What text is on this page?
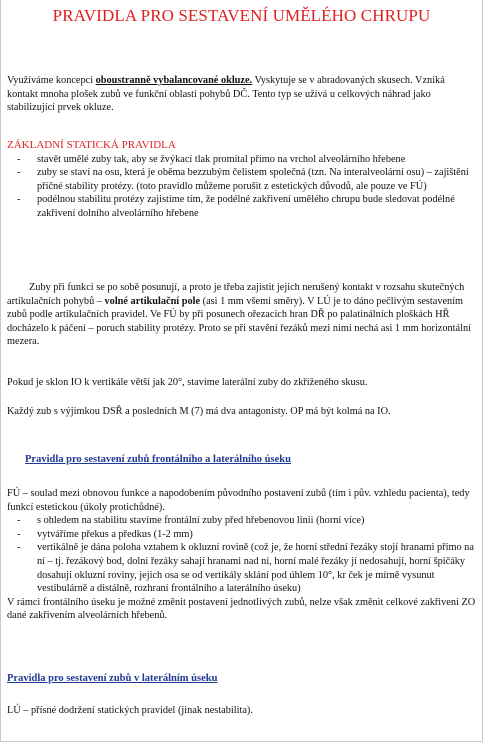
PRAVIDLA PRO SESTAVENÍ UMĚLÉHO CHRUPU
Využíváme koncepci oboustranně vybalancované okluze. Vyskytuje se v abradovaných skusech. Vzniká kontakt mnoha plošek zubů ve funkční oblasti pohybů DČ. Tento typ se užívá u celkových náhrad jako stabilizující prvek okluze.
ZÁKLADNÍ STATICKÁ PRAVIDLA
- stavět umělé zuby tak, aby se žvýkací tlak promítal přímo na vrchol alveolárního hřebene
- zuby se staví na osu, která je oběma bezzubým čelistem společná (tzn. Na interalveolární osu) – zajištění příčné stability protézy. (toto pravidlo můžeme porušit z estetických důvodů, ale pouze ve FÚ)
- podélnou stabilitu protézy zajistíme tím, že podélné zakřivení umělého chrupu bude sledovat podélné zakřivení dolního alveolárního hřebene
Zuby při funkci se po sobě posunují, a proto je třeba zajistit jejich nerušený kontakt v rozsahu skutečných artikulačních pohybů – volné artikulační pole (asi 1 mm všemi směry). V LÚ je to dáno pečlivým sestavením zubů podle artikulačních pravidel. Ve FÚ by při posunech ořezacích hran DŘ po palatinálních ploškách HŘ docházelo k páčení – poruch stability protézy. Proto se při stavění řezáků mezi nimi nechá asi 1 mm horizontální mezera.
Pokud je sklon IO k vertikále větší jak 20°, stavíme laterální zuby do zkříženého skusu.
Každý zub s výjimkou DSŘ a posledních M (7) má dva antagonisty. OP má být kolmá na IO.
Pravidla pro sestavení zubů frontálního a laterálního úseku
FÚ – soulad mezi obnovou funkce a napodobením původního postavení zubů (tím i pův. vzhledu pacienta), tedy funkcí estetickou (úkoly protichůdné).
- s ohledem na stabilitu stavíme frontální zuby před hřebenovou linii (horní více)
- vytváříme překus a předkus (1-2 mm)
- vertikálně je dána poloha vztahem k okluzní rovině (což je, že horní střední řezáky stojí hranami přímo na ní – tj. řezákový bod, dolní řezáky sahají hranami nad ní, horní malé řezáky jí nedosahují, horní špičáky dosahují okluzní roviny, jejich osa se od vertikály sklání pod úhlem 10°, kr ček je mírně vysunut vestibulárně a distálně, rozhraní frontálního a laterálního úseku)
V rámci frontálního úseku je možné změnit postavení jednotlivých zubů, nelze však změnit celkové zakřivení ZO dané zakřivením alveolárních hřebenů.
Pravidla pro sestavení zubů v laterálním úseku
LÚ – přísné dodržení statických pravidel (jinak nestabilita).
